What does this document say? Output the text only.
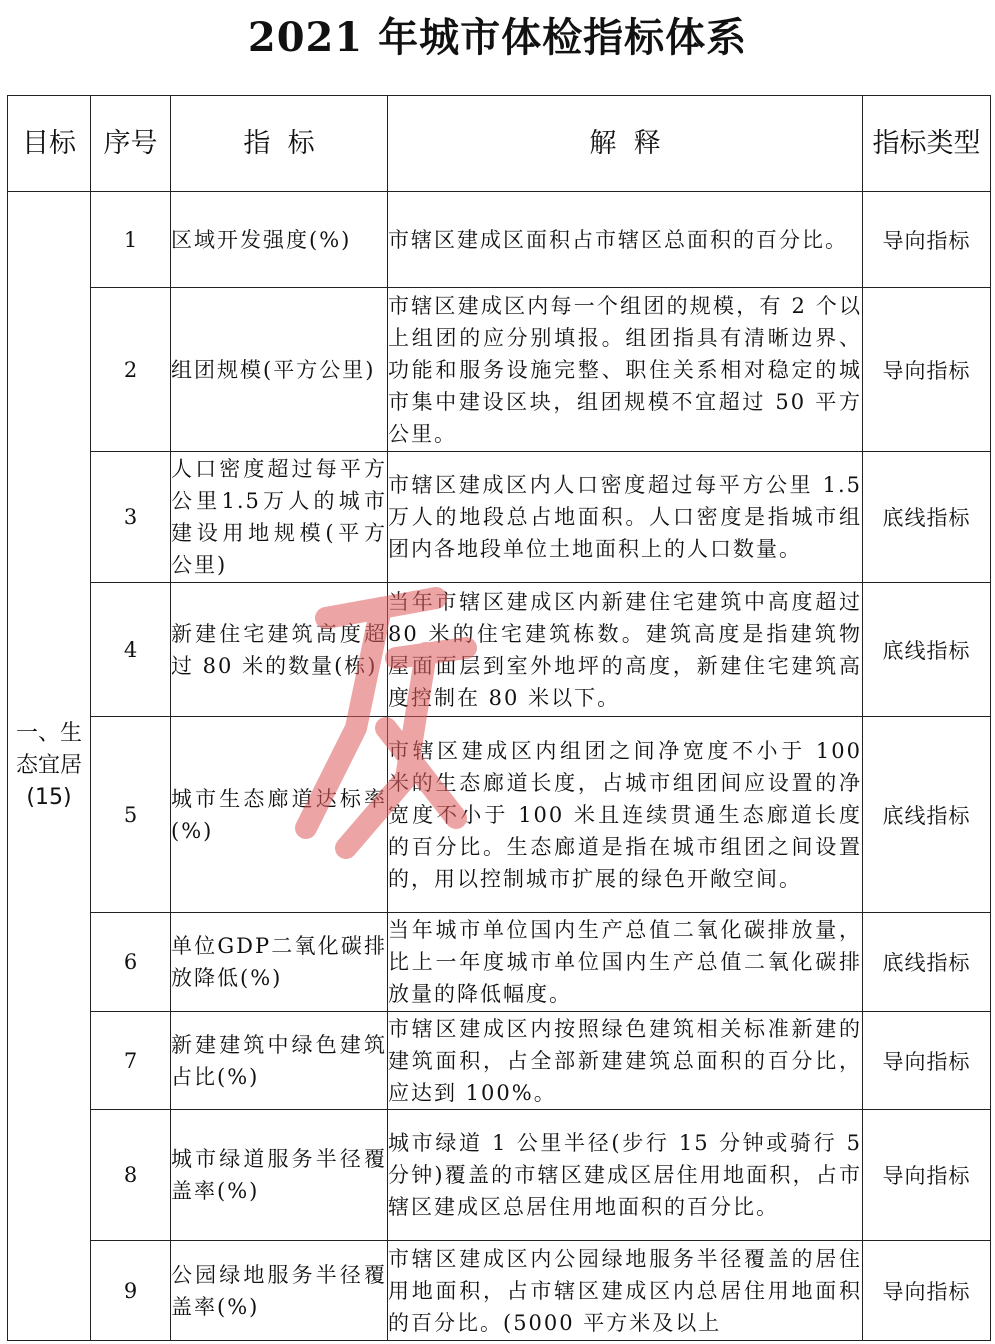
2021 年城市体检指标体系
目标	序号	指  标	解  释	指标类型
一、生态宜居(15)	1	区域开发强度(%)	市辖区建成区面积占市辖区总面积的百分比。	导向指标
	2	组团规模(平方公里)	市辖区建成区内每一个组团的规模，有 2 个以上组团的应分别填报。组团指具有清晰边界、功能和服务设施完整、职住关系相对稳定的城市集中建设区块，组团规模不宜超过 50 平方公里。	导向指标
	3	人口密度超过每平方公里1.5万人的城市建设用地规模(平方公里)	市辖区建成区内人口密度超过每平方公里 1.5 万人的地段总占地面积。人口密度是指城市组团内各地段单位土地面积上的人口数量。	底线指标
	4	新建住宅建筑高度超过 80 米的数量(栋)	当年市辖区建成区内新建住宅建筑中高度超过 80 米的住宅建筑栋数。建筑高度是指建筑物屋面面层到室外地坪的高度，新建住宅建筑高度控制在 80 米以下。	底线指标
	5	城市生态廊道达标率(%)	市辖区建成区内组团之间净宽度不小于 100 米的生态廊道长度，占城市组团间应设置的净宽度不小于 100 米且连续贯通生态廊道长度的百分比。生态廊道是指在城市组团之间设置的，用以控制城市扩展的绿色开敞空间。	底线指标
	6	单位GDP二氧化碳排放降低(%)	当年城市单位国内生产总值二氧化碳排放量，比上一年度城市单位国内生产总值二氧化碳排放量的降低幅度。	底线指标
	7	新建建筑中绿色建筑占比(%)	市辖区建成区内按照绿色建筑相关标准新建的建筑面积，占全部新建建筑总面积的百分比，应达到 100%。	导向指标
	8	城市绿道服务半径覆盖率(%)	城市绿道 1 公里半径(步行 15 分钟或骑行 5 分钟)覆盖的市辖区建成区居住用地面积，占市辖区建成区总居住用地面积的百分比。	导向指标
	9	公园绿地服务半径覆盖率(%)	市辖区建成区内公园绿地服务半径覆盖的居住用地面积，占市辖区建成区内总居住用地面积的百分比。(5000 平方米及以上	导向指标
